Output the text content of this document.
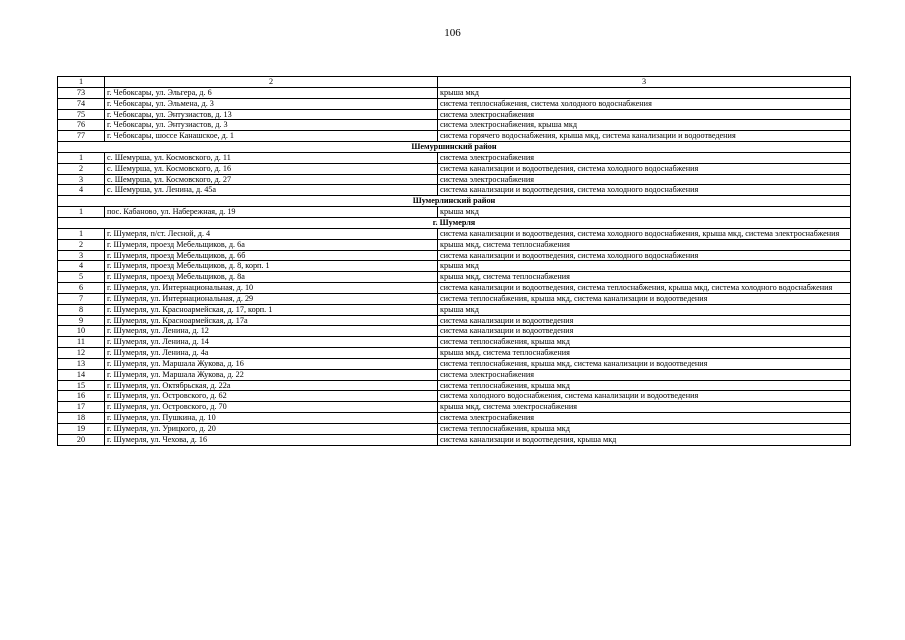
106
1	2	3
73	г. Чебоксары, ул. Эльгера, д. 6	крыша мкд
74	г. Чебоксары, ул. Эльмена, д. 3	система теплоснабжения, система холодного водоснабжения
75	г. Чебоксары, ул. Энтузиастов, д. 13	система электроснабжения
76	г. Чебоксары, ул. Энтузиастов, д. 3	система электроснабжения, крыша мкд
77	г. Чебоксары, шоссе Канашское, д. 1	система горячего водоснабжения, крыша мкд, система канализации и водоотведения
Шемуршинский район		
1	с. Шемурша, ул. Космовского, д. 11	система электроснабжения
2	с. Шемурша, ул. Космовского, д. 16	система канализации и водоотведения, система холодного водоснабжения
3	с. Шемурша, ул. Космовского, д. 27	система электроснабжения
4	с. Шемурша, ул. Ленина, д. 45а	система канализации и водоотведения, система холодного водоснабжения
Шумерлинский район		
1	пос. Кабаново, ул. Набережная, д. 19	крыша мкд
г. Шумерля		
1	г. Шумерля, п/ст. Лесной, д. 4	система канализации и водоотведения, система холодного водоснабжения, крыша мкд, система электроснабжения
2	г. Шумерля, проезд Мебельщиков, д. 6а	крыша мкд, система теплоснабжения
3	г. Шумерля, проезд Мебельщиков, д. 6б	система канализации и водоотведения, система холодного водоснабжения
4	г. Шумерля, проезд Мебельщиков, д. 8, корп. 1	крыша мкд
5	г. Шумерля, проезд Мебельщиков, д. 8а	крыша мкд, система теплоснабжения
6	г. Шумерля, ул. Интернациональная, д. 10	система канализации и водоотведения, система теплоснабжения, крыша мкд, система холодного водоснабжения
7	г. Шумерля, ул. Интернациональная, д. 29	система теплоснабжения, крыша мкд, система канализации и водоотведения
8	г. Шумерля, ул. Красноармейская, д. 17, корп. 1	крыша мкд
9	г. Шумерля, ул. Красноармейская, д. 17а	система канализации и водоотведения
10	г. Шумерля, ул. Ленина, д. 12	система канализации и водоотведения
11	г. Шумерля, ул. Ленина, д. 14	система теплоснабжения, крыша мкд
12	г. Шумерля, ул. Ленина, д. 4а	крыша мкд, система теплоснабжения
13	г. Шумерля, ул. Маршала Жукова, д. 16	система теплоснабжения, крыша мкд, система канализации и водоотведения
14	г. Шумерля, ул. Маршала Жукова, д. 22	система электроснабжения
15	г. Шумерля, ул. Октябрьская, д. 22а	система теплоснабжения, крыша мкд
16	г. Шумерля, ул. Островского, д. 62	система холодного водоснабжения, система канализации и водоотведения
17	г. Шумерля, ул. Островского, д. 70	крыша мкд, система электроснабжения
18	г. Шумерля, ул. Пушкина, д. 10	система электроснабжения
19	г. Шумерля, ул. Урицкого, д. 20	система теплоснабжения, крыша мкд
20	г. Шумерля, ул. Чехова, д. 16	система канализации и водоотведения, крыша мкд
